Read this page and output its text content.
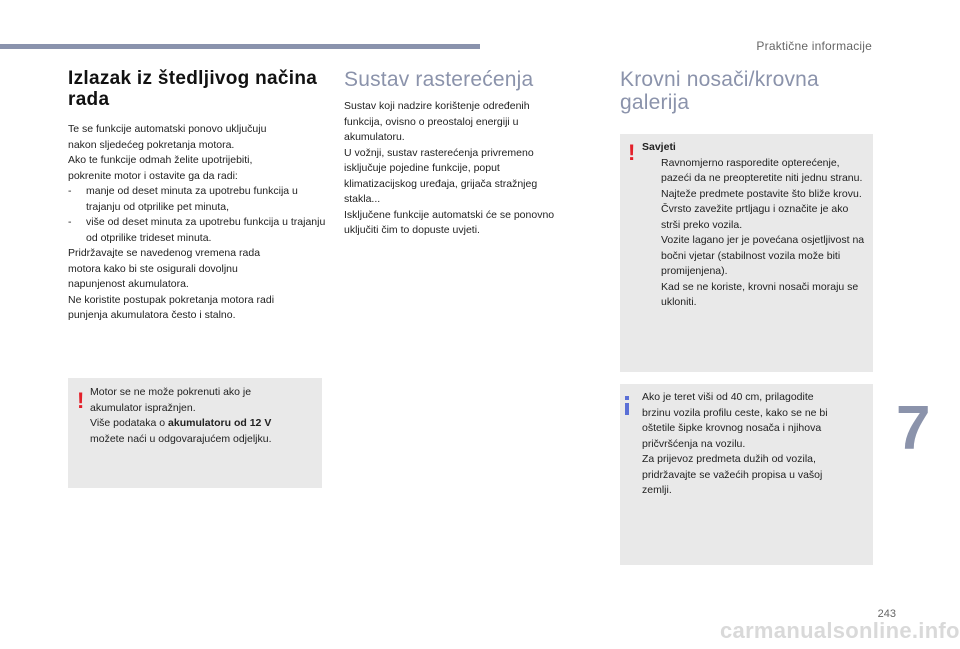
Praktične informacije
Izlazak iz štedljivog načina rada
Te se funkcije automatski ponovo uključuju
nakon sljedećeg pokretanja motora.
Ako te funkcije odmah želite upotrijebiti,
pokrenite motor i ostavite ga da radi:
- manje od deset minuta za upotrebu funkcija u trajanju od otprilike pet minuta,
- više od deset minuta za upotrebu funkcija u trajanju od otprilike trideset minuta.
Pridržavajte se navedenog vremena rada
motora kako bi ste osigurali dovoljnu
napunjenost akumulatora.
Ne koristite postupak pokretanja motora radi
punjenja akumulatora često i stalno.
! Motor se ne može pokrenuti ako je
akumulator ispražnjen.
Više podataka o akumulatoru od 12 V
možete naći u odgovarajućem odjeljku.
Sustav rasterećenja
Sustav koji nadzire korištenje određenih
funkcija, ovisno o preostaloj energiji u
akumulatoru.
U vožnji, sustav rasterećenja privremeno
isključuje pojedine funkcije, poput
klimatizacijskog uređaja, grijača stražnjeg
stakla...
Isključene funkcije automatski će se ponovno
uključiti čim to dopuste uvjeti.
Krovni nosači/krovna
galerija
! Savjeti
Ravnomjerno rasporedite opterećenje, pazeći da ne preopteretite niti jednu stranu.
Najteže predmete postavite što bliže krovu.
Čvrsto zavežite prtljagu i označite je ako strši preko vozila.
Vozite lagano jer je povećana osjetljivost na bočni vjetar (stabilnost vozila može biti promijenjena).
Kad se ne koriste, krovni nosači moraju se ukloniti.
Ako je teret viši od 40 cm, prilagodite
brzinu vozila profilu ceste, kako se ne bi
oštetile šipke krovnog nosača i njihova
pričvršćenja na vozilu.
Za prijevoz predmeta dužih od vozila,
pridržavajte se važećih propisa u vašoj
zemlji.
7
243
carmanualsonline.info
